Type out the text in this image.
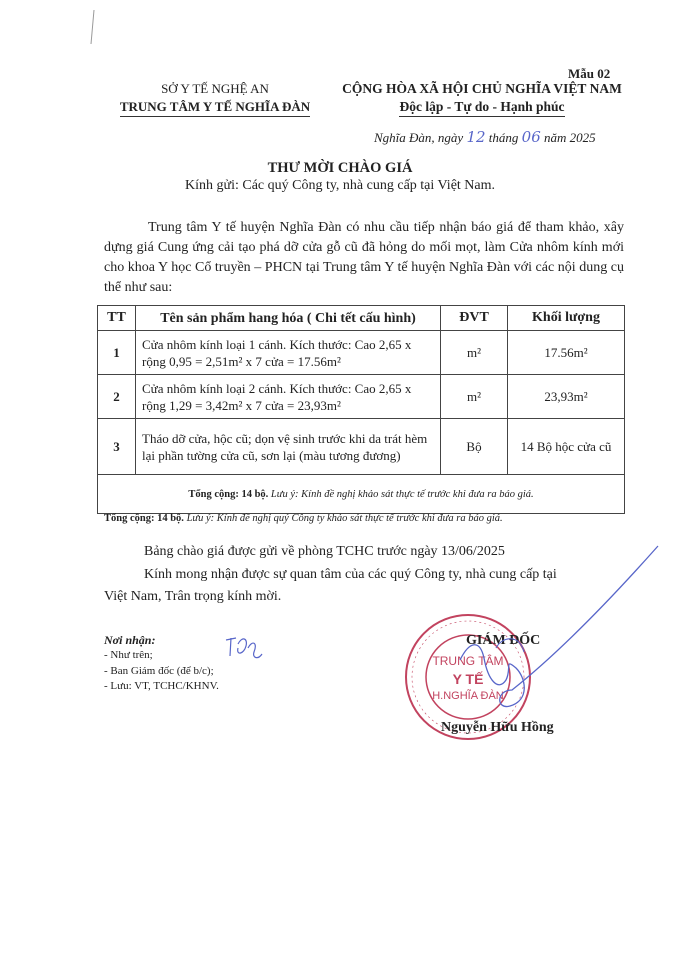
Mẫu 02
SỞ Y TẾ NGHỆ AN
TRUNG TÂM Y TẾ NGHĨA ĐÀN
CỘNG HÒA XÃ HỘI CHỦ NGHĨA VIỆT NAM
Độc lập - Tự do - Hạnh phúc
Nghĩa Đàn, ngày 12 tháng 06 năm 2025
THƯ MỜI CHÀO GIÁ
Kính gửi: Các quý Công ty, nhà cung cấp tại Việt Nam.
Trung tâm Y tế huyện Nghĩa Đàn có nhu cầu tiếp nhận báo giá để tham khảo, xây dựng giá Cung ứng cải tạo phá dỡ cửa gỗ cũ đã hỏng do mối mọt, làm Cửa nhôm kính mới cho khoa Y học Cổ truyền – PHCN tại Trung tâm Y tế huyện Nghĩa Đàn với các nội dung cụ thể như sau:
TT	Tên sản phẩm hang hóa ( Chi tết cấu hình)	ĐVT	Khối lượng
1	Cửa nhôm kính loại 1 cánh. Kích thước: Cao 2,65 x rộng 0,95 = 2,51m² x 7 cửa = 17.56m²	m²	17.56m²
2	Cửa nhôm kính loại 2 cánh. Kích thước: Cao 2,65 x rộng 1,29 = 3,42m² x 7 cửa = 23,93m²	m²	23,93m²
3	Tháo dỡ cửa, hộc cũ; dọn vệ sinh trước khi da trát hèm lại phần tường cửa cũ, sơn lại (màu tương đương)	Bộ	14 Bộ hộc cửa cũ
Tổng cộng: 14 bộ. Lưu ý: Kính đề nghị khảo sát thực tế trước khi đưa ra báo giá.			
Tổng cộng: 14 bộ. Lưu ý: Kính đề nghị quý Công ty khảo sát thực tế trước khi đưa ra báo giá.
Bảng chào giá được gửi về phòng TCHC trước ngày 13/06/2025
Kính mong nhận được sự quan tâm của các quý Công ty, nhà cung cấp tại
Việt Nam, Trân trọng kính mời.
Nơi nhận:
- Như trên;
- Ban Giám đốc (để b/c);
- Lưu: VT, TCHC/KHNV.
TRUNG TÂM
Y TẾ
H.NGHĨA ĐÀN
GIÁM ĐỐC
Nguyễn Hữu Hồng
